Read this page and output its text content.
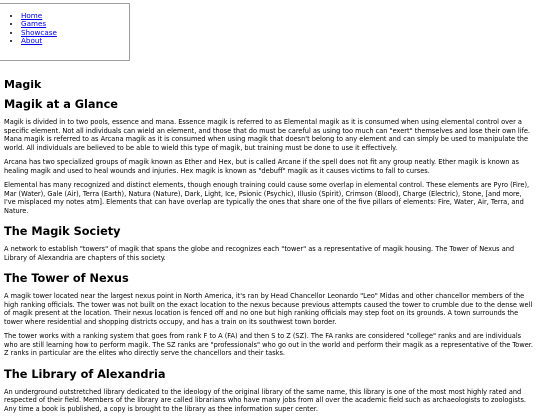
• Home
• Games
• Showcase
• About
Magik
Magik at a Glance

Magik is divided in to two pools, essence and mana. Essence magik is referred to as Elemental magik as it is consumed when using elemental control over a specific element. Not all individuals can wield an element, and those that do must be careful as using too much can "exert" themselves and lose their own life. Mana magik is referred to as Arcana magik as it is consumed when using magik that doesn't belong to any element and can simply be used to manipulate the world. All individuals are believed to be able to wield this type of magik, but training must be done to use it effectively.

Arcana has two specialized groups of magik known as Ether and Hex, but is called Arcane if the spell does not fit any group neatly. Ether magik is known as healing magik and used to heal wounds and injuries. Hex magik is known as "debuff" magik as it causes victims to fall to curses.

Elemental has many recognized and distinct elements, though enough training could cause some overlap in elemental control. These elements are Pyro (Fire), Mar (Water), Gale (Air), Terra (Earth), Natura (Nature), Dark, Light, Ice, Psionic (Psychic), Illusio (Spirit), Crimson (Blood), Charge (Electric), Stone, [and more, I've misplaced my notes atm]. Elements that can have overlap are typically the ones that share one of the five pillars of elements: Fire, Water, Air, Terra, and Nature.

The Magik Society

A network to establish "towers" of magik that spans the globe and recognizes each "tower" as a representative of magik housing. The Tower of Nexus and Library of Alexandria are chapters of this society.

The Tower of Nexus

A magik tower located near the largest nexus point in North America, it's ran by Head Chancellor Leonardo "Leo" Midas and other chancellor members of the high ranking officials. The tower was not built on the exact location to the nexus because previous attempts caused the tower to crumble due to the dense well of magik present at the location. Their nexus location is fenced off and no one but high ranking officials may step foot on its grounds. A town surrounds the tower where residential and shopping districts occupy, and has a train on its southwest town border.

The tower works with a ranking system that goes from rank F to A (FA) and then S to Z (SZ). The FA ranks are considered "college" ranks and are individuals who are still learning how to perform magik. The SZ ranks are "professionals" who go out in the world and perform their magik as a representative of the Tower. Z ranks in particular are the elites who directly serve the chancellors and their tasks.

The Library of Alexandria

An underground outstretched library dedicated to the ideology of the original library of the same name, this library is one of the most most highly rated and respected of their field. Members of the library are called librarians who have many jobs from all over the academic field such as archaeologists to zoologists. Any time a book is published, a copy is brought to the library as thee information super center.
